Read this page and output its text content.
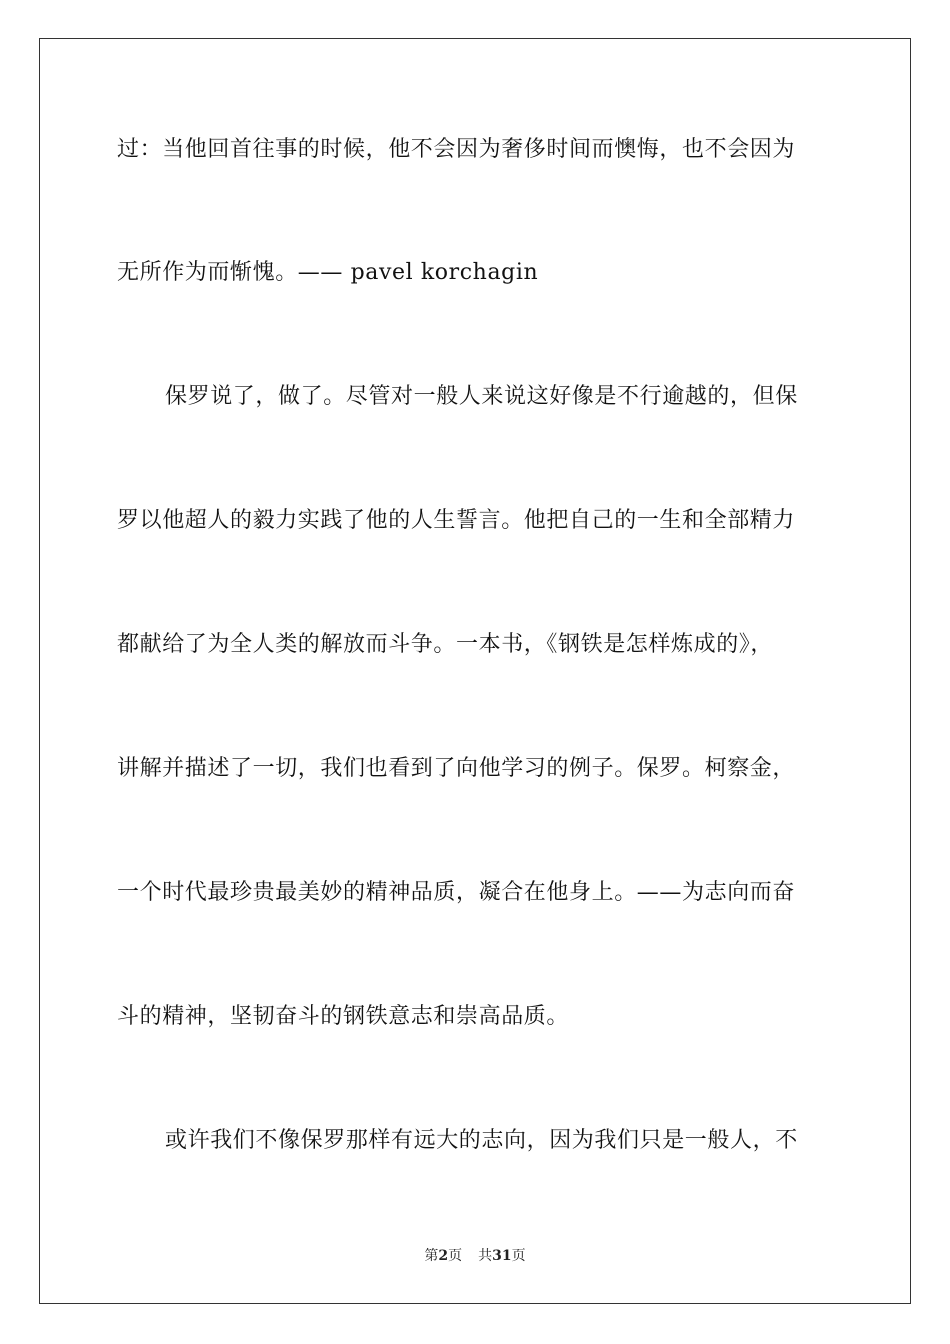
过：当他回首往事的时候，他不会因为奢侈时间而懊悔，也不会因为
无所作为而惭愧。—— pavel korchagin
保罗说了，做了。尽管对一般人来说这好像是不行逾越的，但保
罗以他超人的毅力实践了他的人生誓言。他把自己的一生和全部精力
都献给了为全人类的解放而斗争。一本书，《钢铁是怎样炼成的》，
讲解并描述了一切，我们也看到了向他学习的例子。保罗。柯察金，
一个时代最珍贵最美妙的精神品质，凝合在他身上。——为志向而奋
斗的精神，坚韧奋斗的钢铁意志和崇高品质。
或许我们不像保罗那样有远大的志向，因为我们只是一般人，不
第2页 共31页
